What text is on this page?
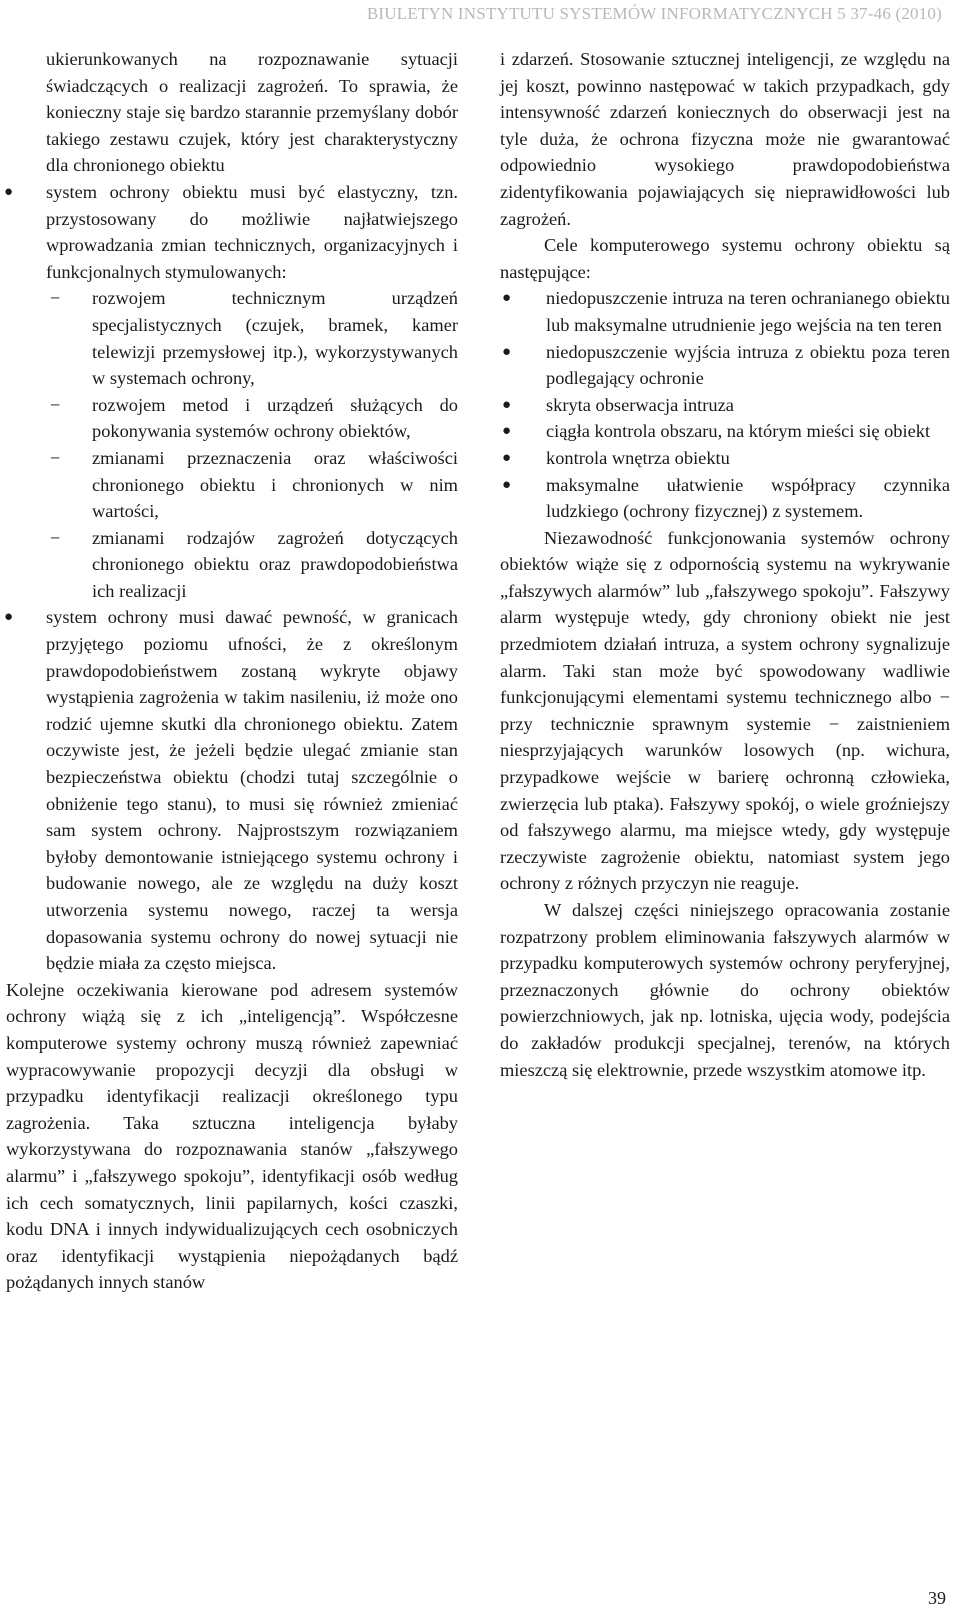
BIULETYN INSTYTUTU SYSTEMÓW INFORMATYCZNYCH 5 37-46 (2010)

ukierunkowanych na rozpoznawanie sytuacji świadczących o realizacji zagrożeń. To sprawia, że konieczny staje się bardzo starannie przemyślany dobór takiego zestawu czujek, który jest charakterystyczny dla chronionego obiektu

● system ochrony obiektu musi być elastyczny, tzn. przystosowany do możliwie najłatwiejszego wprowadzania zmian technicznych, organizacyjnych i funkcjonalnych stymulowanych:
− rozwojem technicznym urządzeń specjalistycznych (czujek, bramek, kamer telewizji przemysłowej itp.), wykorzystywanych w systemach ochrony,
− rozwojem metod i urządzeń służących do pokonywania systemów ochrony obiektów,
− zmianami przeznaczenia oraz właściwości chronionego obiektu i chronionych w nim wartości,
− zmianami rodzajów zagrożeń dotyczących chronionego obiektu oraz prawdopodobieństwa ich realizacji
● system ochrony musi dawać pewność, w granicach przyjętego poziomu ufności, że z określonym prawdopodobieństwem zostaną wykryte objawy wystąpienia zagrożenia w takim nasileniu, iż może ono rodzić ujemne skutki dla chronionego obiektu. Zatem oczywiste jest, że jeżeli będzie ulegać zmianie stan bezpieczeństwa obiektu (chodzi tutaj szczególnie o obniżenie tego stanu), to musi się również zmieniać sam system ochrony. Najprostszym rozwiązaniem byłoby demontowanie istniejącego systemu ochrony i budowanie nowego, ale ze względu na duży koszt utworzenia systemu nowego, raczej ta wersja dopasowania systemu ochrony do nowej sytuacji nie będzie miała za często miejsca.

Kolejne oczekiwania kierowane pod adresem systemów ochrony wiążą się z ich „inteligencją”. Współczesne komputerowe systemy ochrony muszą również zapewniać wypracowywanie propozycji decyzji dla obsługi w przypadku identyfikacji realizacji określonego typu zagrożenia. Taka sztuczna inteligencja byłaby wykorzystywana do rozpoznawania stanów „fałszywego alarmu” i „fałszywego spokoju”, identyfikacji osób według ich cech somatycznych, linii papilarnych, kości czaszki, kodu DNA i innych indywidualizujących cech osobniczych oraz identyfikacji wystąpienia niepożądanych bądź pożądanych innych stanów

i zdarzeń. Stosowanie sztucznej inteligencji, ze względu na jej koszt, powinno następować w takich przypadkach, gdy intensywność zdarzeń koniecznych do obserwacji jest na tyle duża, że ochrona fizyczna może nie gwarantować odpowiednio wysokiego prawdopodobieństwa zidentyfikowania pojawiających się nieprawidłowości lub zagrożeń.

Cele komputerowego systemu ochrony obiektu są następujące:

● niedopuszczenie intruza na teren ochranianego obiektu lub maksymalne utrudnienie jego wejścia na ten teren
● niedopuszczenie wyjścia intruza z obiektu poza teren podlegający ochronie
● skryta obserwacja intruza
● ciągła kontrola obszaru, na którym mieści się obiekt
● kontrola wnętrza obiektu
● maksymalne ułatwienie współpracy czynnika ludzkiego (ochrony fizycznej) z systemem.

Niezawodność funkcjonowania systemów ochrony obiektów wiąże się z odpornością systemu na wykrywanie „fałszywych alarmów” lub „fałszywego spokoju”. Fałszywy alarm występuje wtedy, gdy chroniony obiekt nie jest przedmiotem działań intruza, a system ochrony sygnalizuje alarm. Taki stan może być spowodowany wadliwie funkcjonującymi elementami systemu technicznego albo − przy technicznie sprawnym systemie − zaistnieniem niesprzyjających warunków losowych (np. wichura, przypadkowe wejście w barierę ochronną człowieka, zwierzęcia lub ptaka). Fałszywy spokój, o wiele groźniejszy od fałszywego alarmu, ma miejsce wtedy, gdy występuje rzeczywiste zagrożenie obiektu, natomiast system jego ochrony z różnych przyczyn nie reaguje.

W dalszej części niniejszego opracowania zostanie rozpatrzony problem eliminowania fałszywych alarmów w przypadku komputerowych systemów ochrony peryferyjnej, przeznaczonych głównie do ochrony obiektów powierzchniowych, jak np. lotniska, ujęcia wody, podejścia do zakładów produkcji specjalnej, terenów, na których mieszczą się elektrownie, przede wszystkim atomowe itp.

39
